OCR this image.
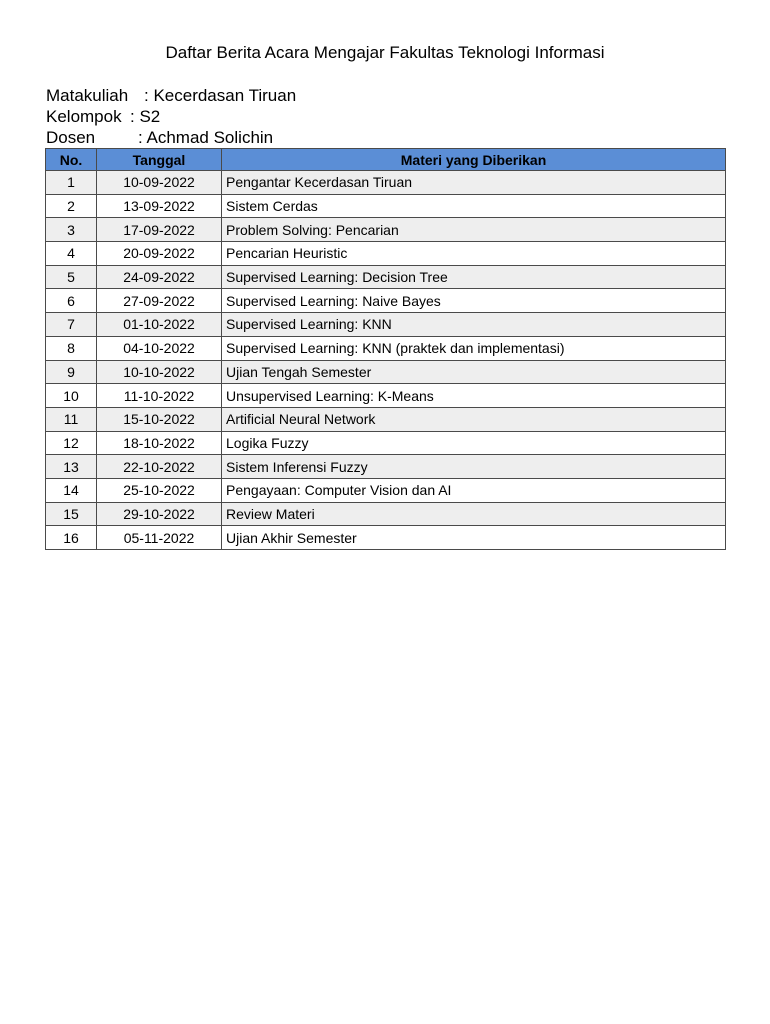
Daftar Berita Acara Mengajar Fakultas Teknologi Informasi
Matakuliah : Kecerdasan Tiruan
Kelompok : S2
Dosen	: Achmad Solichin
No.	Tanggal	Materi yang Diberikan
1	10-09-2022	Pengantar Kecerdasan Tiruan
2	13-09-2022	Sistem Cerdas
3	17-09-2022	Problem Solving: Pencarian
4	20-09-2022	Pencarian Heuristic
5	24-09-2022	Supervised Learning: Decision Tree
6	27-09-2022	Supervised Learning: Naive Bayes
7	01-10-2022	Supervised Learning: KNN
8	04-10-2022	Supervised Learning: KNN (praktek dan implementasi)
9	10-10-2022	Ujian Tengah Semester
10	11-10-2022	Unsupervised Learning: K-Means
11	15-10-2022	Artificial Neural Network
12	18-10-2022	Logika Fuzzy
13	22-10-2022	Sistem Inferensi Fuzzy
14	25-10-2022	Pengayaan: Computer Vision dan AI
15	29-10-2022	Review Materi
16	05-11-2022	Ujian Akhir Semester
